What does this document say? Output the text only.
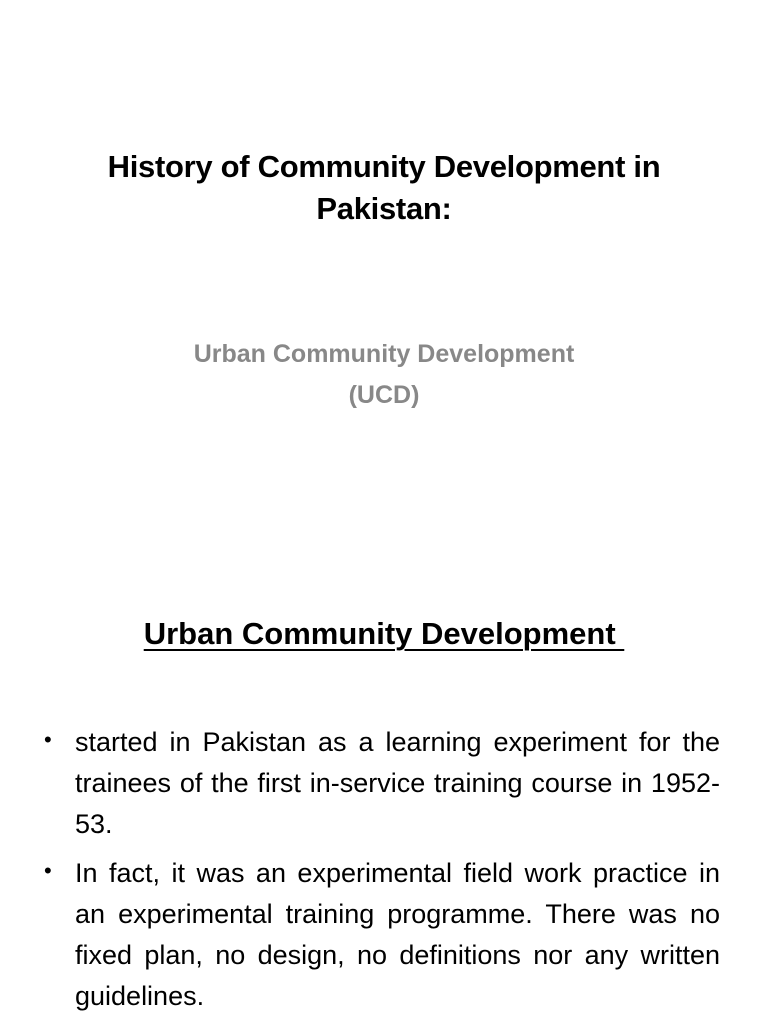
History of Community Development in Pakistan:
Urban Community Development
(UCD)
Urban Community Development
• started in Pakistan as a learning experiment for the trainees of the first in-service training course in 1952-53.
• In fact, it was an experimental field work practice in an experimental training programme. There was no fixed plan, no design, no definitions nor any written guidelines.
